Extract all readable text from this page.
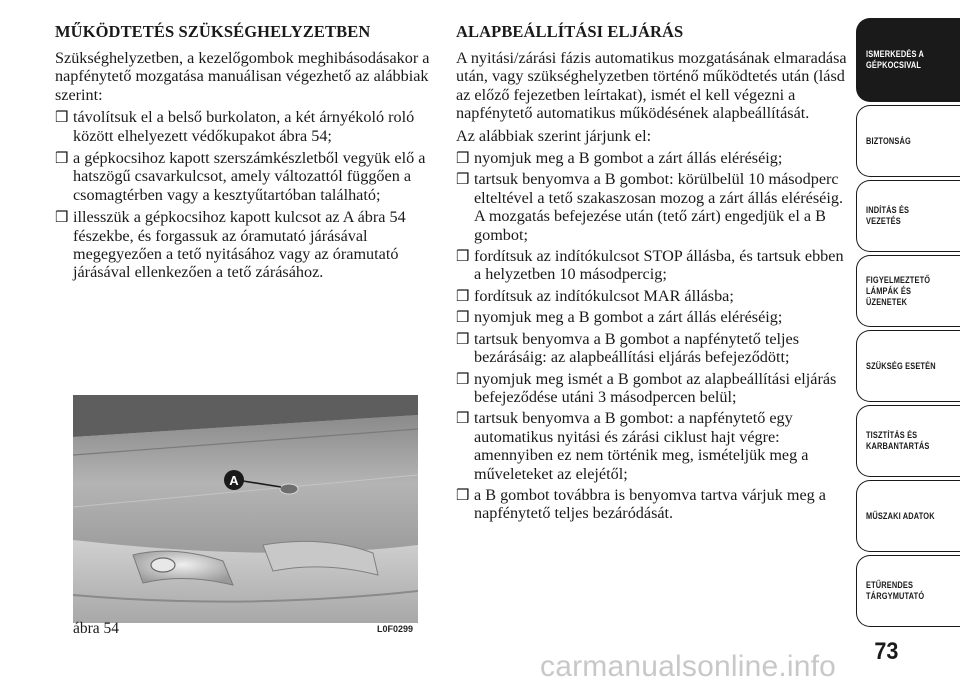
MŰKÖDTETÉS SZÜKSÉGHELYZETBEN

Szükséghelyzetben, a kezelőgombok meghibásodásakor a napfénytető mozgatása manuálisan végezhető az alábbiak szerint:

❒ távolítsuk el a belső burkolaton, a két árnyékoló roló között elhelyezett védőkupakot ábra 54;
❒ a gépkocsihoz kapott szerszámkészletből vegyük elő a hatszögű csavarkulcsot, amely változattól függően a csomagtérben vagy a kesztyűtartóban található;
❒ illesszük a gépkocsihoz kapott kulcsot az A ábra 54 fészekbe, és forgassuk az óramutató járásával megegyezően a tető nyitásához vagy az óramutató járásával ellenkezően a tető zárásához.
A
ábra 54	L0F0299
ALAPBEÁLLÍTÁSI ELJÁRÁS

A nyitási/zárási fázis automatikus mozgatásának elmaradása után, vagy szükséghelyzetben történő működtetés után (lásd az előző fejezetben leírtakat), ismét el kell végezni a napfénytető automatikus működésének alapbeállítását.

Az alábbiak szerint járjunk el:

❒ nyomjuk meg a B gombot a zárt állás eléréséig;
❒ tartsuk benyomva a B gombot: körülbelül 10 másodperc elteltével a tető szakaszosan mozog a zárt állás eléréséig. A mozgatás befejezése után (tető zárt) engedjük el a B gombot;
❒ fordítsuk az indítókulcsot STOP állásba, és tartsuk ebben a helyzetben 10 másodpercig;
❒ fordítsuk az indítókulcsot MAR állásba;
❒ nyomjuk meg a B gombot a zárt állás eléréséig;
❒ tartsuk benyomva a B gombot a napfénytető teljes bezárásáig: az alapbeállítási eljárás befejeződött;
❒ nyomjuk meg ismét a B gombot az alapbeállítási eljárás befejeződése utáni 3 másodpercen belül;
❒ tartsuk benyomva a B gombot: a napfénytető egy automatikus nyitási és zárási ciklust hajt végre: amennyiben ez nem történik meg, ismételjük meg a műveleteket az elejétől;
❒ a B gombot továbbra is benyomva tartva várjuk meg a napfénytető teljes bezáródását.
ISMERKEDÉS A
GÉPKOCSIVAL
BIZTONSÁG
INDÍTÁS ÉS
VEZETÉS
FIGYELMEZTETŐ
LÁMPÁK ÉS
ÜZENETEK
SZÜKSÉG ESETÉN
TISZTÍTÁS ÉS
KARBANTARTÁS
MŰSZAKI ADATOK
ETŰRENDES
TÁRGYMUTATÓ
73
carmanualsonline.info
